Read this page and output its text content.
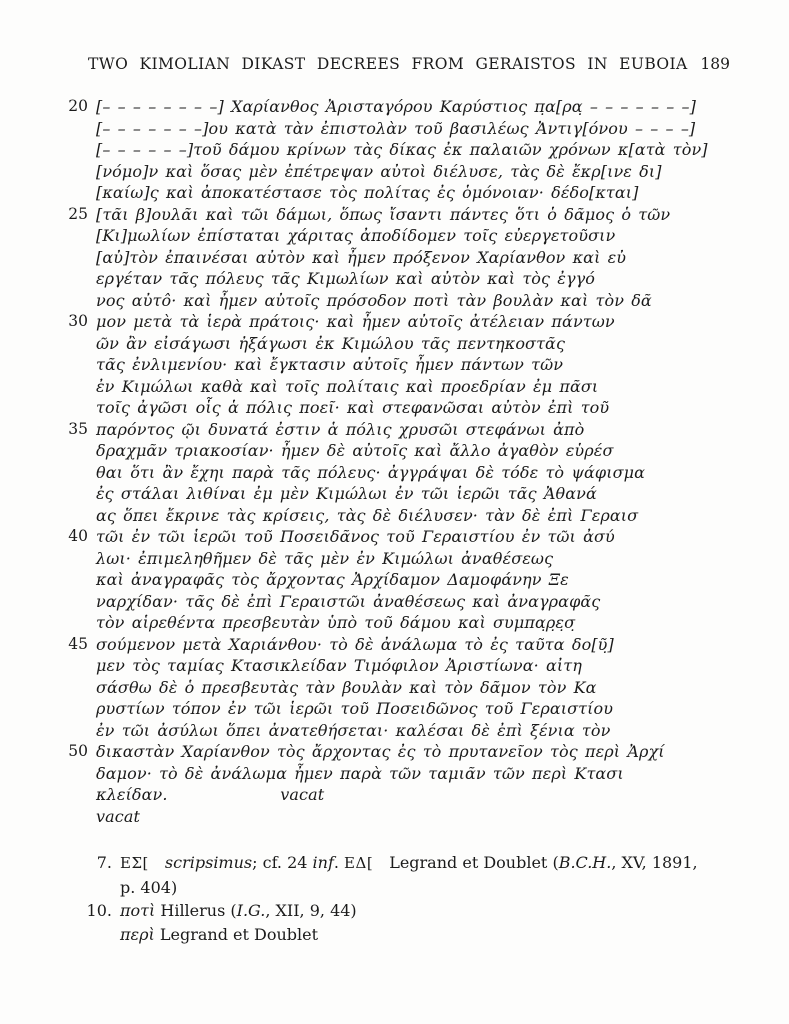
TWO KIMOLIAN DIKAST DECREES FROM GERAISTOS IN EUBOIA 189
20 [– – – – – – – –] Χαρίανθος Ἀρισταγόρου Καρύστιος π̣α[ρα̣ – – – – – – –]
[– – – – – – –]ου κατὰ τὰν ἐπιστολὰν τοῦ βασιλέως Ἀντιγ[όνου – – – –]
[– – – – – –]τοῦ δάμου κρίνων τὰς δίκας ἐκ παλαιῶν χρόνων κ[ατὰ τὸν]
[νόμο]ν καὶ ὅσας μὲν ἐπέτρεψαν αὐτοὶ διέλυσε, τὰς δὲ ἔκρ[ινε δι]
[καίω]ς καὶ ἀποκατέστασε τὸς πολίτας ἐς ὁμόνοιαν· δέδο[κται]
25 [τᾶι β]ουλᾶι καὶ τῶι δάμωι, ὅπως ἴσαντι πάντες ὅτι ὁ δᾶμος ὁ τῶν
[Κι]μωλίων ἐπίσταται χάριτας ἀποδίδομεν τοῖς εὐεργετοῦσιν
[αὐ]τὸν ἐπαινέσαι αὐτὸν καὶ ἦμεν πρόξενον Χαρίανθον καὶ εὐ
εργέταν τᾶς πόλευς τᾶς Κιμωλίων καὶ αὐτὸν καὶ τὸς ἐγγό
νος αὐτô· καὶ ἦμεν αὐτοῖς πρόσοδον ποτὶ τὰν βουλὰν καὶ τὸν δᾶ
30 μον μετὰ τὰ ἱερὰ πράτοις· καὶ ἦμεν αὐτοῖς ἀτέλειαν πάντων
ῶν ἂν εἰσάγωσι ἠξάγωσι ἐκ Κιμώλου τᾶς πεντηκοστᾶς
τᾶς ἐνλιμενίου· καὶ ἔγκτασιν αὐτοῖς ἦμεν πάντων τῶν
ἐν Κιμώλωι καθὰ καὶ τοῖς πολίταις καὶ προεδρίαν ἐμ πᾶσι
τοῖς ἀγῶσι οἷς ἁ πόλις ποεῖ· καὶ στεφανῶσαι αὐτὸν ἐπὶ τοῦ
35 παρόντος ῷι δυνατά ἐστιν ἁ πόλις χρυσῶι στεφάνωι ἀπὸ
δραχμᾶν τριακοσίαν· ἦμεν δὲ αὐτοῖς καὶ ἄλλο ἀγαθὸν εὑρέσ
θαι ὅτι ἂν ἔχηι παρὰ τᾶς πόλευς· ἀγγράψαι δὲ τόδε τὸ ψάφισμα
ἐς στάλαι λιθίναι ἐμ μὲν Κιμώλωι ἐν τῶι ἱερῶι τᾶς Ἀθανά
ας ὅπει ἔκρινε τὰς κρίσεις, τὰς δὲ διέλυσεν· τὰν δὲ ἐπὶ Γεραισ
40 τῶι ἐν τῶι ἱερῶι τοῦ Ποσειδᾶνος τοῦ Γεραιστίου ἐν τῶι ἀσύ
λωι· ἐπιμεληθῆμεν δὲ τᾶς μὲν ἐν Κιμώλωι ἀναθέσεως
καὶ ἀναγραφᾶς τὸς ἄρχοντας Ἀρχίδαμον Δαμοφάνην Ξε
ναρχίδαν· τᾶς δὲ ἐπὶ Γεραιστῶι ἀναθέσεως καὶ ἀναγραφᾶς
τὸν αἱρεθέντα πρεσβευτὰν ὑπὸ τοῦ δάμου καὶ συμπα̣ρ̣ε̣σ̣
45 σούμενον μετὰ Χαριάνθου· τὸ δὲ ἀνάλωμα τὸ ἐς ταῦτα δο[ῦ̣]
μεν τὸς ταμίας Κτασικλείδαν Τιμόφιλον Ἀριστίωνα· αἰτη
σάσθω δὲ ὁ πρεσβευτὰς τὰν βουλὰν καὶ τὸν δᾶμον τὸν Κα
ρυστίων τόπον ἐν τῶι ἱερῶι τοῦ Ποσειδῶνος τοῦ Γεραιστίου
ἐν τῶι ἀσύλωι ὅπει ἀνατεθήσεται· καλέσαι δὲ ἐπὶ ξένια τὸν
50 δικαστὰν Χαρίανθον τὸς ἄρχοντας ἐς τὸ πρυτανεῖον τὸς περὶ Ἀρχί
δαμον· τὸ δὲ ἀνάλωμα ἦμεν παρὰ τῶν ταμιᾶν τῶν περὶ Κτασι
κλείδαν.       vacat
vacat
7. ΕΣ[  scripsimus; cf. 24 inf. ΕΔ[  Legrand et Doublet (B.C.H., XV, 1891,
p. 404)
10. ποτὶ Hillerus (I.G., XII, 9, 44)
περὶ Legrand et Doublet
